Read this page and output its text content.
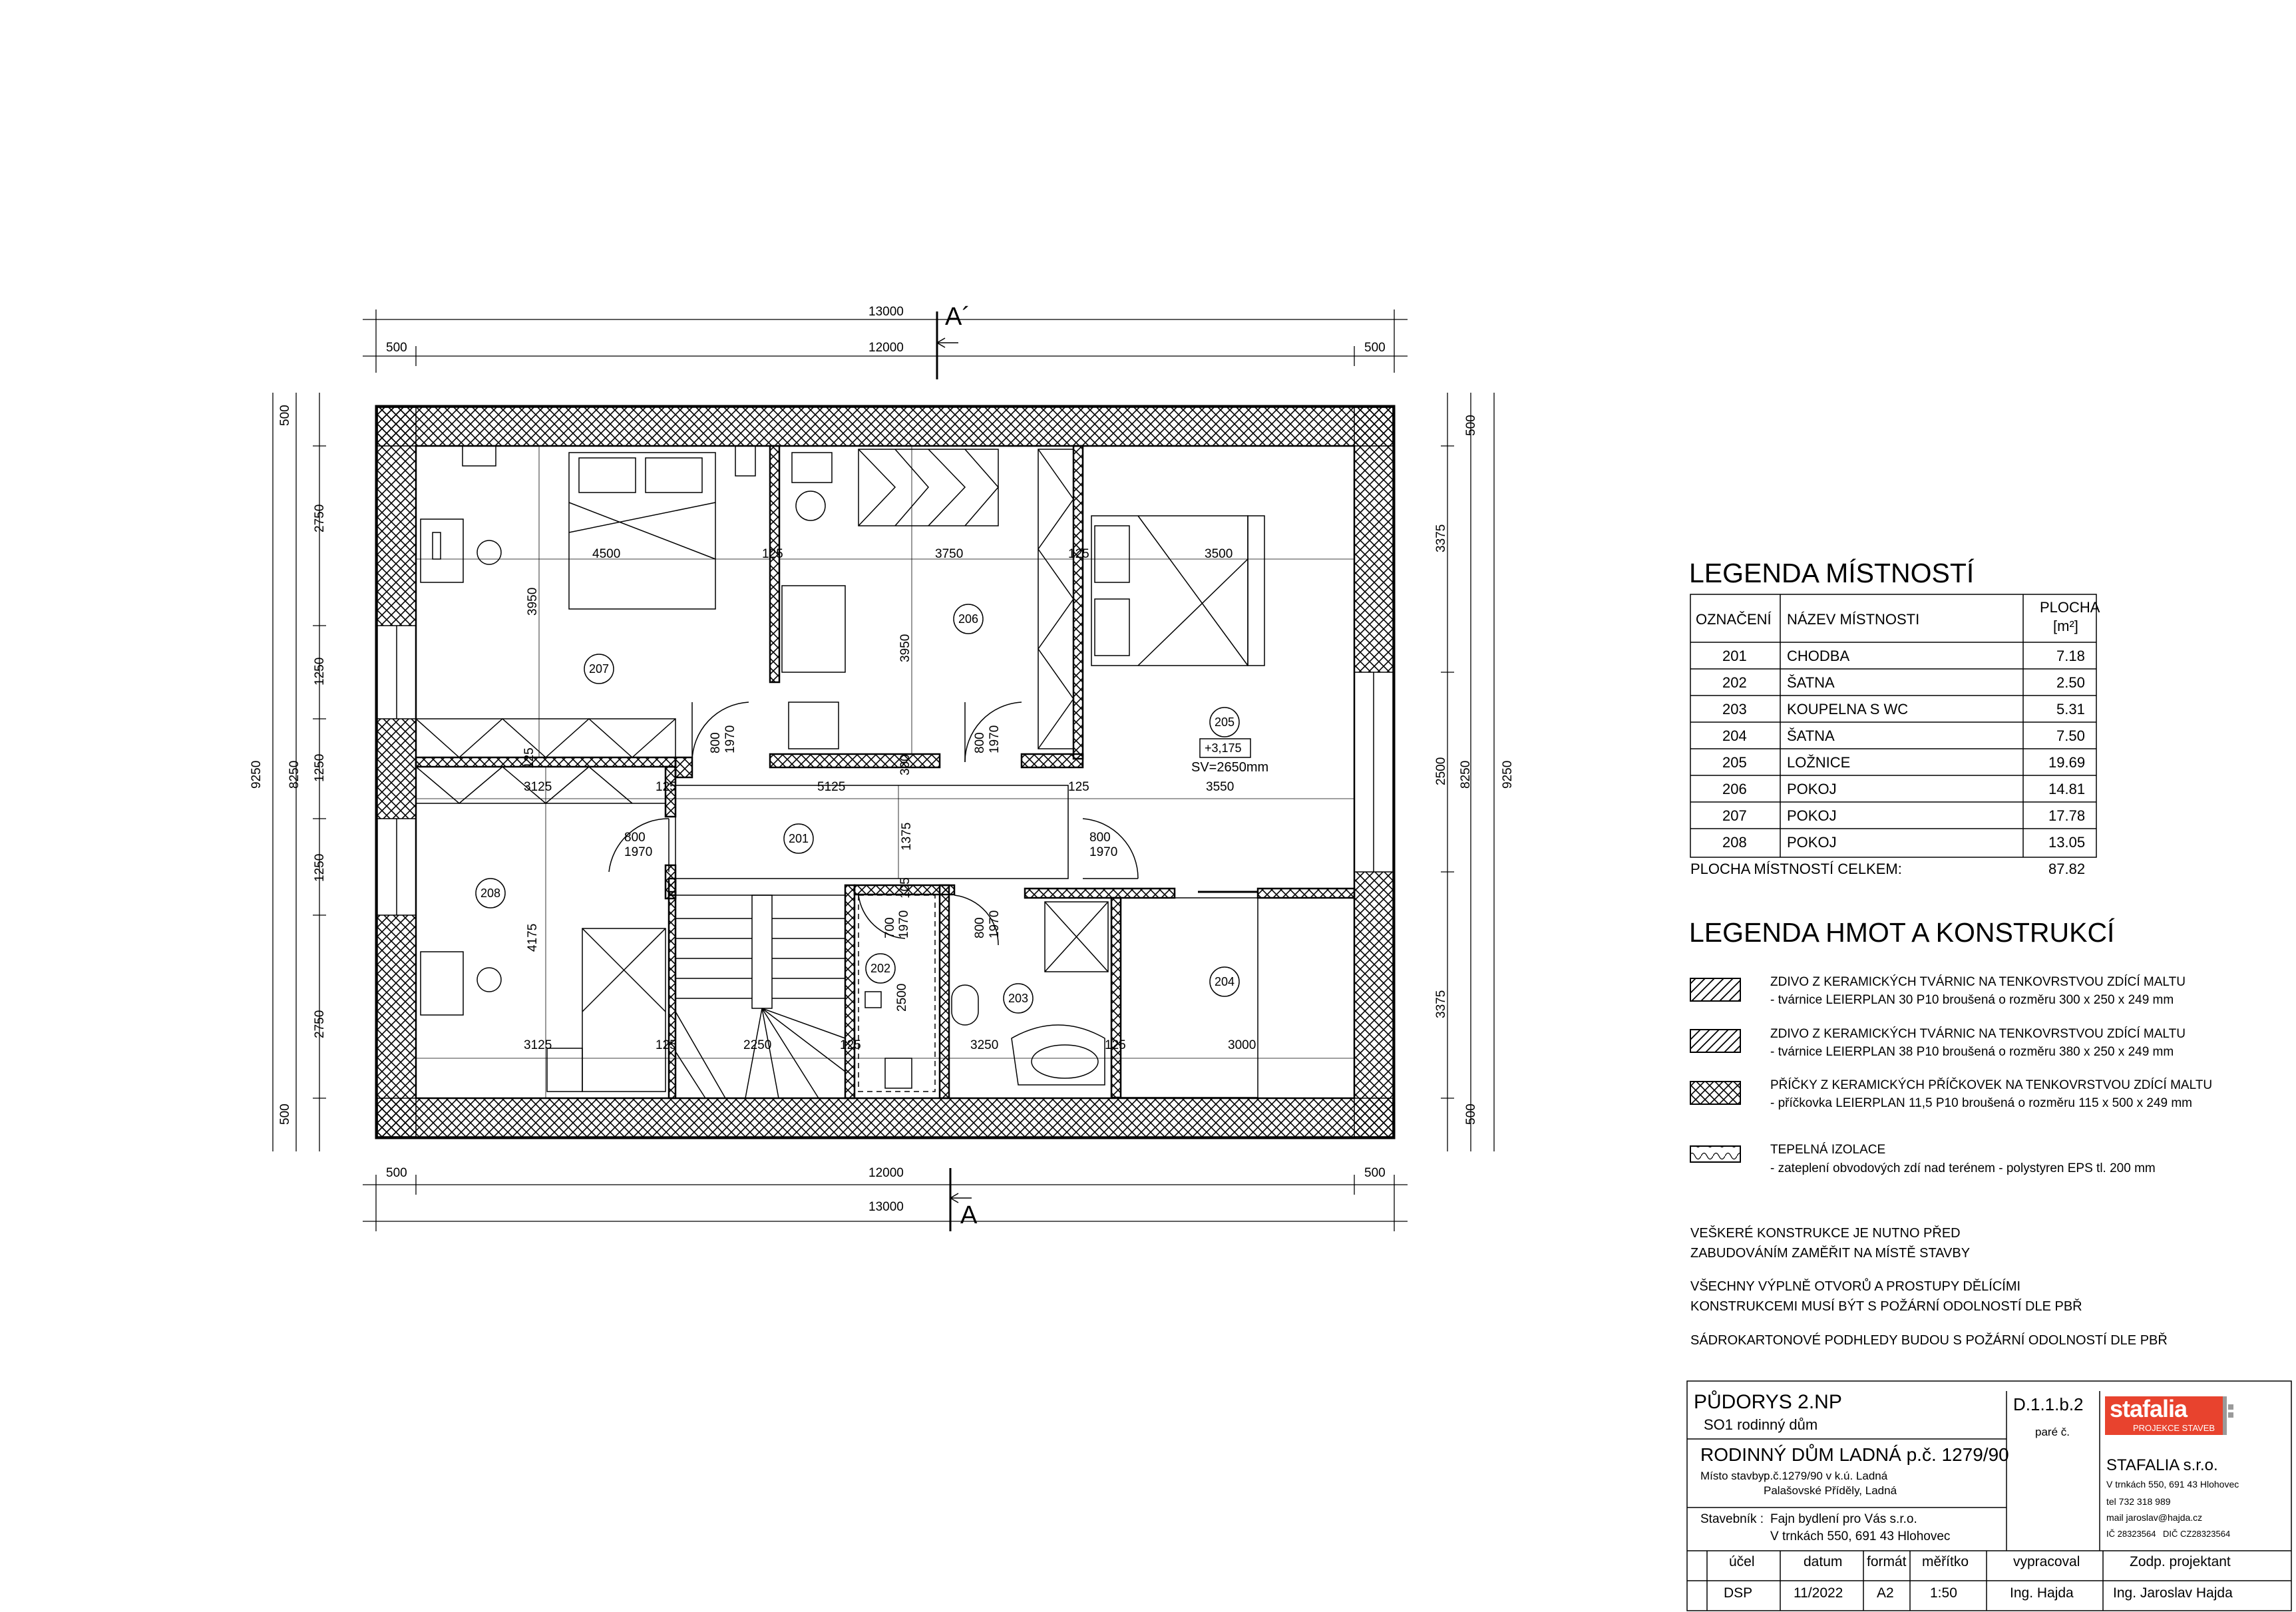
13000
500	12000	500
A´
500	12000	500
13000 A
500
2750
1250
1250
1250
2750
500
8250
9250
500
3375
2500
3375
500
8250 9250
4500	125	3750	125	3500
3950
3950
3125	125	5125	125	3550
1375
300
125
4175
3125	125	2250	125	3250	125	3000
2500
105
800 1970	800 1970
800
1970
800
1970
700 1970	800 1970
207
206
205
+3,175
SV=2650mm
201
208
202
203
204
LEGENDA MÍSTNOSTÍ
OZNAČENÍ NÁZEV MÍSTNOSTI
PLOCHA
[m²]
201	CHODBA	7.18
202	ŠATNA	2.50
203	KOUPELNA S WC	5.31
204	ŠATNA	7.50
205	LOŽNICE	19.69
206	POKOJ	14.81
207	POKOJ	17.78
208	POKOJ	13.05
PLOCHA MÍSTNOSTÍ CELKEM:	87.82
LEGENDA HMOT A KONSTRUKCÍ
ZDIVO Z KERAMICKÝCH TVÁRNIC NA TENKOVRSTVOU ZDÍCÍ MALTU
- tvárnice LEIERPLAN 30 P10 broušená o rozměru 300 x 250 x 249 mm
ZDIVO Z KERAMICKÝCH TVÁRNIC NA TENKOVRSTVOU ZDÍCÍ MALTU
- tvárnice LEIERPLAN 38 P10 broušená o rozměru 380 x 250 x 249 mm
PŘÍČKY Z KERAMICKÝCH PŘÍČKOVEK NA TENKOVRSTVOU ZDÍCÍ MALTU
- příčkovka LEIERPLAN 11,5 P10 broušená o rozměru 115 x 500 x 249 mm
TEPELNÁ IZOLACE
- zateplení obvodových zdí nad terénem - polystyren EPS tl. 200 mm
VEŠKERÉ KONSTRUKCE JE NUTNO PŘED
ZABUDOVÁNÍM ZAMĚŘIT NA MÍSTĚ STAVBY
VŠECHNY VÝPLNĚ OTVORŮ A PROSTUPY DĚLÍCÍMI
KONSTRUKCEMI MUSÍ BÝT S POŽÁRNÍ ODOLNOSTÍ DLE PBŘ
SÁDROKARTONOVÉ PODHLEDY BUDOU S POŽÁRNÍ ODOLNOSTÍ DLE PBŘ
PŮDORYS 2.NP
SO1 rodinný dům
D.1.1.b.2
paré č.
RODINNÝ DŮM LADNÁ p.č. 1279/90
Místo stavby:
p.č.1279/90 v k.ú. Ladná
Palašovské Příděly, Ladná
Stavebník : Fajn bydlení pro Vás s.r.o.
V trnkách 550, 691 43 Hlohovec
stafalia
PROJEKCE STAVEB
STAFALIA s.r.o.
V trnkách 550, 691 43 Hlohovec
tel 732 318 989
mail jaroslav@hajda.cz
IČ 28323564 DIČ CZ28323564
účel	datum formát měřítko	vypracoval	Zodp. projektant
DSP	11/2022 A2	1:50	Ing. Hajda	Ing. Jaroslav Hajda
